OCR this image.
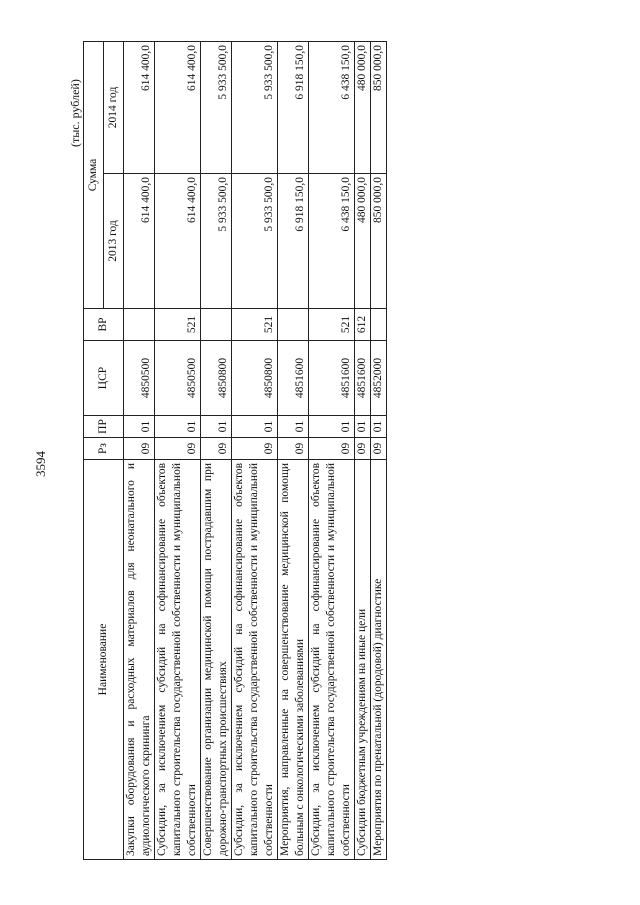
3594
(тыс. рублей)
Наименование	Рз	ПР	ЦСР	ВР	Сумма	
					2013 год	2014 год
Закупки оборудования и расходных материалов для неонатального и аудиологического скрининга	09	01	4850500		614 400,0	614 400,0
Субсидии, за исключением субсидий на софинансирование объектов капитального строительства государственной собственности и муниципальной собственности	09	01	4850500	521	614 400,0	614 400,0
Совершенствование организации медицинской помощи пострадавшим при дорожно-транспортных происшествиях	09	01	4850800		5 933 500,0	5 933 500,0
Субсидии, за исключением субсидий на софинансирование объектов капитального строительства государственной собственности и муниципальной собственности	09	01	4850800	521	5 933 500,0	5 933 500,0
Мероприятия, направленные на совершенствование медицинской помощи больным с онкологическими заболеваниями	09	01	4851600		6 918 150,0	6 918 150,0
Субсидии, за исключением субсидий на софинансирование объектов капитального строительства государственной собственности и муниципальной собственности	09	01	4851600	521	6 438 150,0	6 438 150,0
Субсидии бюджетным учреждениям на иные цели	09	01	4851600	612	480 000,0	480 000,0
Мероприятия по пренатальной (дородовой) диагностике	09	01	4852000		850 000,0	850 000,0
